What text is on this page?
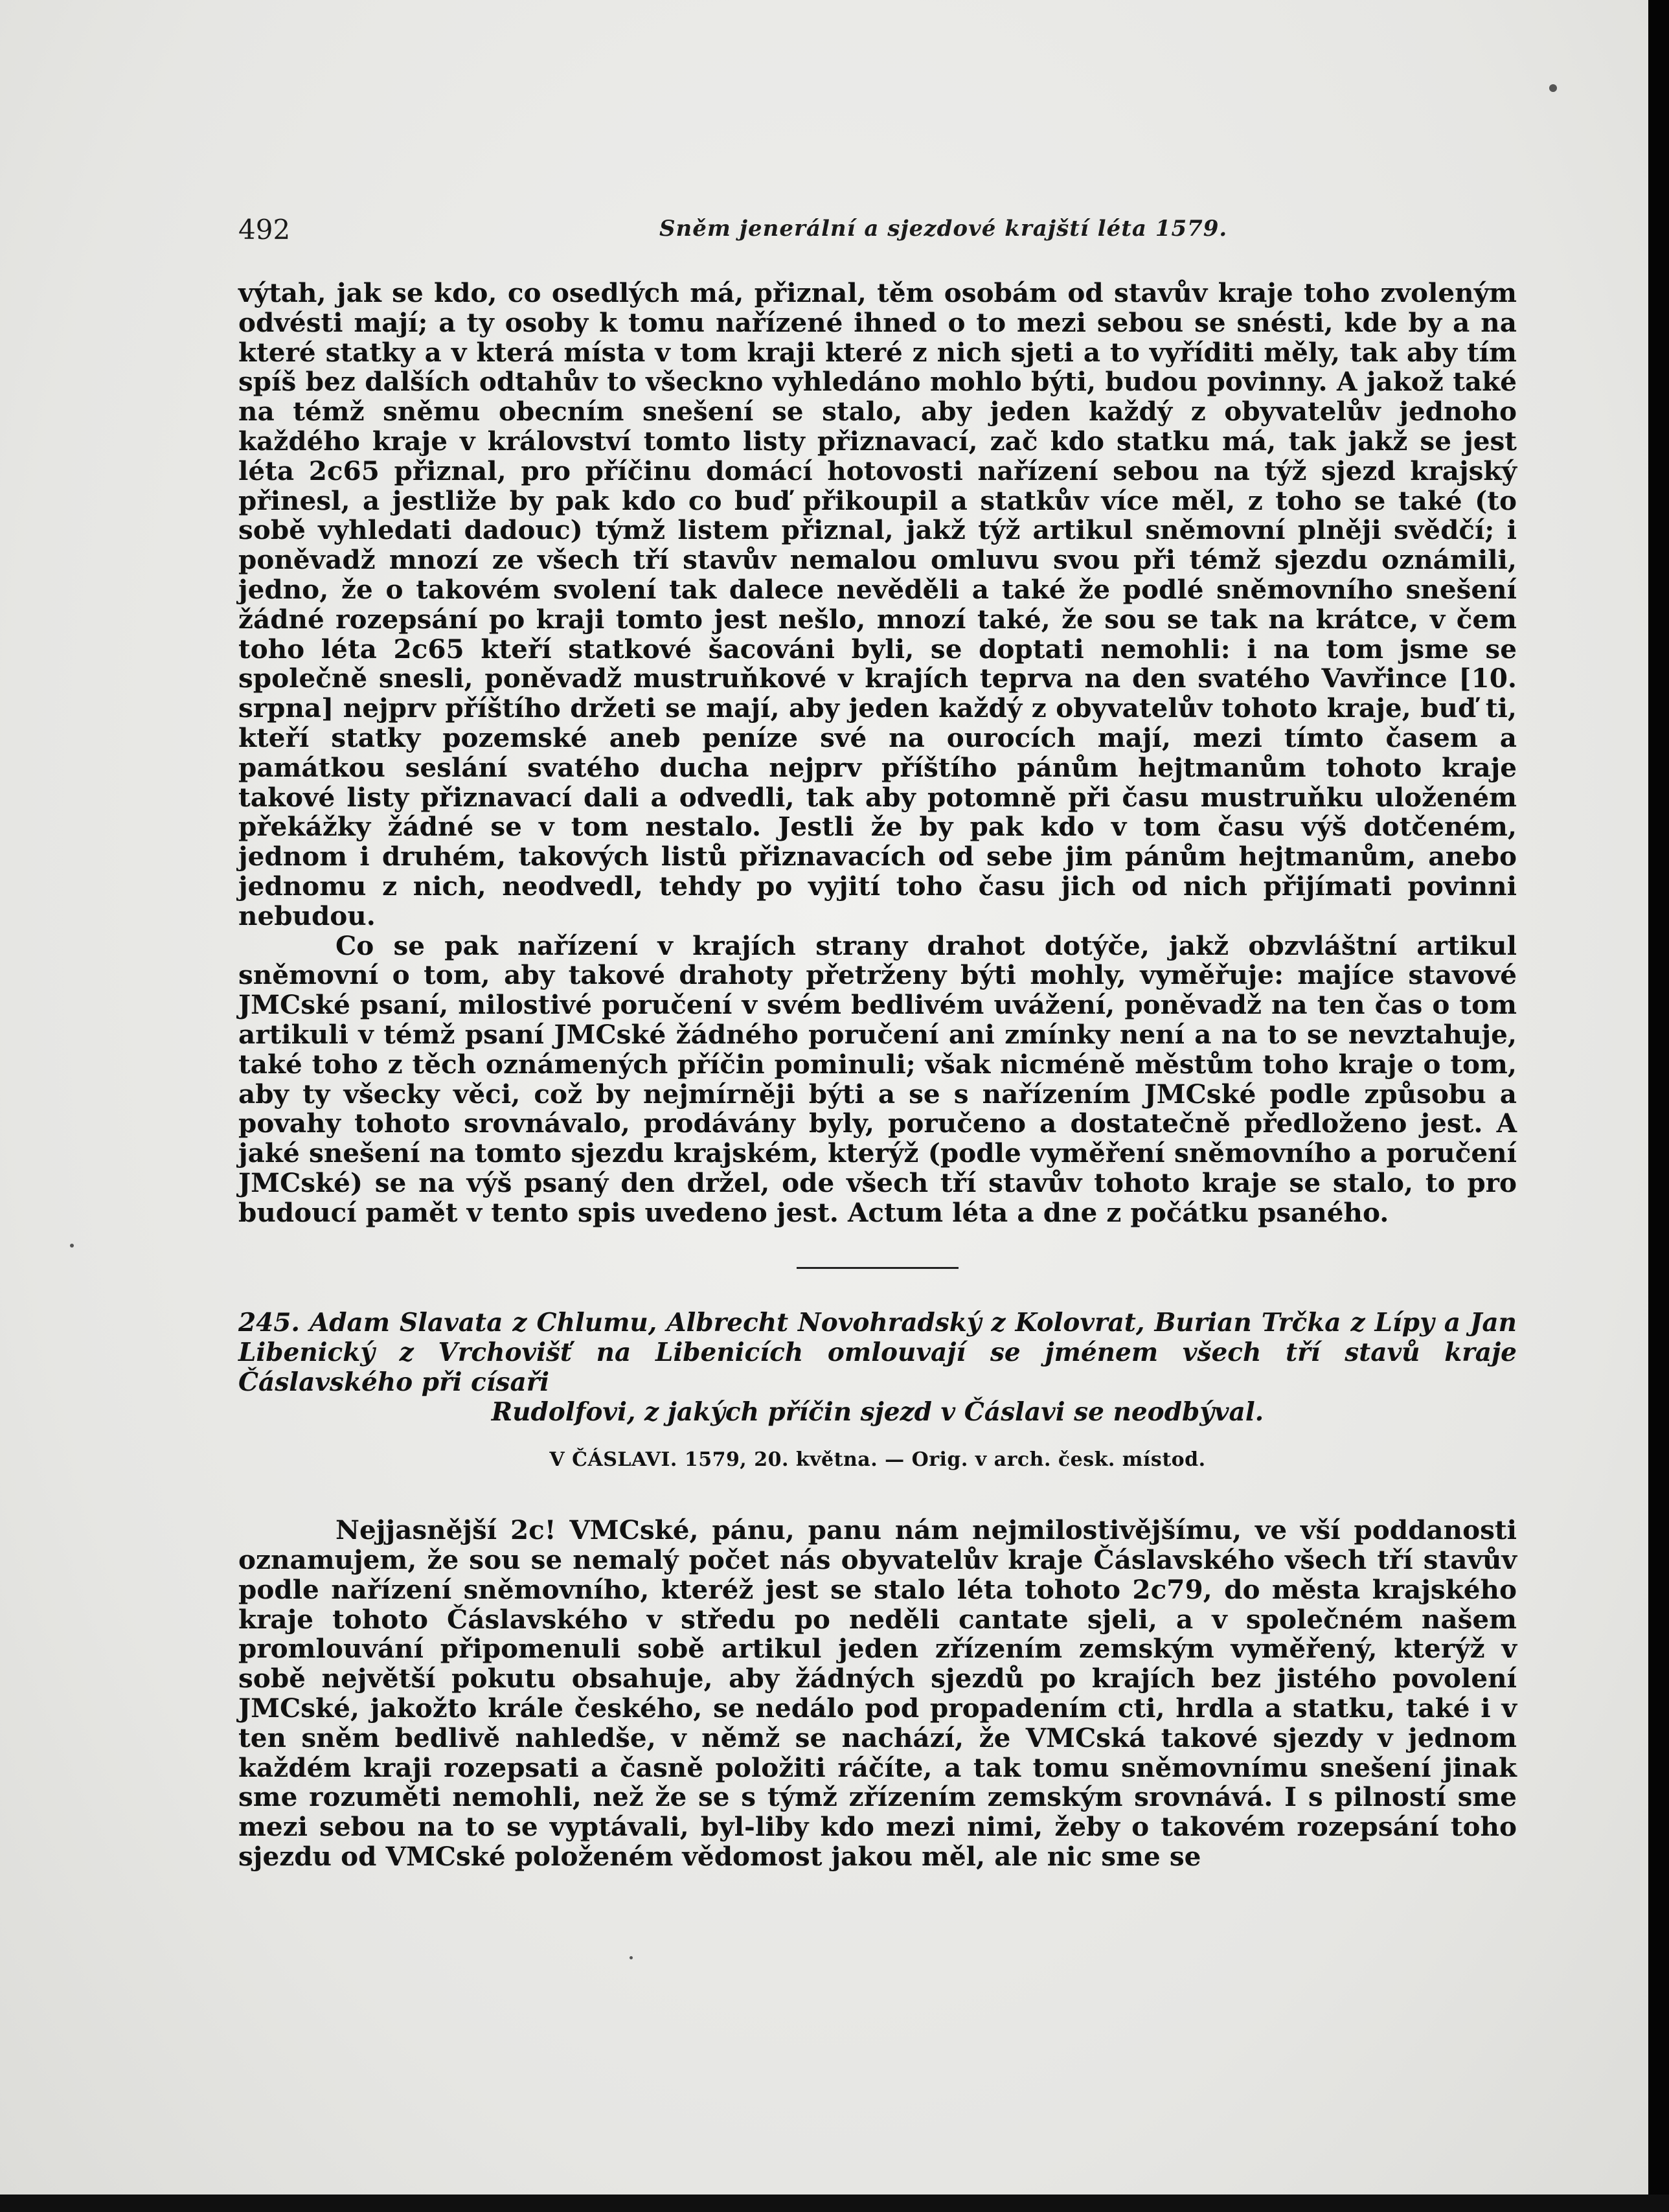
492	Sněm jenerální a sjezdové krajští léta 1579.

výtah, jak se kdo, co osedlých má, přiznal, těm osobám od stavův kraje toho zvoleným odvésti mají; a ty osoby k tomu nařízené ihned o to mezi sebou se snésti, kde by a na které statky a v která místa v tom kraji které z nich sjeti a to vyříditi měly, tak aby tím spíš bez dalších odtahův to všeckno vyhledáno mohlo býti, budou povinny. A jakož také na témž sněmu obecním snešení se stalo, aby jeden každý z obyvatelův jednoho každého kraje v království tomto listy přiznavací, zač kdo statku má, tak jakž se jest léta 2c65 přiznal, pro příčinu domácí hotovosti nařízení sebou na týž sjezd krajský přinesl, a jestliže by pak kdo co buď přikoupil a statkův více měl, z toho se také (to sobě vyhledati dadouc) týmž listem přiznal, jakž týž artikul sněmovní plněji svědčí; i poněvadž mnozí ze všech tří stavův nemalou omluvu svou při témž sjezdu oznámili, jedno, že o takovém svolení tak dalece nevěděli a také že podlé sněmovního snešení žádné rozepsání po kraji tomto jest nešlo, mnozí také, že sou se tak na krátce, v čem toho léta 2c65 kteří statkové šacováni byli, se doptati nemohli: i na tom jsme se společně snesli, poněvadž mustruňkové v krajích teprva na den svatého Vavřince [10. srpna] nejprv příštího držeti se mají, aby jeden každý z obyvatelův tohoto kraje, buď ti, kteří statky pozemské aneb peníze své na ourocích mají, mezi tímto časem a památkou seslání svatého ducha nejprv příštího pánům hejtmanům tohoto kraje takové listy přiznavací dali a odvedli, tak aby potomně při času mustruňku uloženém překážky žádné se v tom nestalo. Jestli že by pak kdo v tom času výš dotčeném, jednom i druhém, takových listů přiznavacích od sebe jim pánům hejtmanům, anebo jednomu z nich, neodvedl, tehdy po vyjití toho času jich od nich přijímati povinni nebudou.

Co se pak nařízení v krajích strany drahot dotýče, jakž obzvláštní artikul sněmovní o tom, aby takové drahoty přetrženy býti mohly, vyměřuje: majíce stavové JMCské psaní, milostivé poručení v svém bedlivém uvážení, poněvadž na ten čas o tom artikuli v témž psaní JMCské žádného poručení ani zmínky není a na to se nevztahuje, také toho z těch oznámených příčin pominuli; však nicméně městům toho kraje o tom, aby ty všecky věci, což by nejmírněji býti a se s nařízením JMCské podle způsobu a povahy tohoto srovnávalo, prodávány byly, poručeno a dostatečně předloženo jest. A jaké snešení na tomto sjezdu krajském, kterýž (podle vyměření sněmovního a poručení JMCské) se na výš psaný den držel, ode všech tří stavův tohoto kraje se stalo, to pro budoucí pamět v tento spis uvedeno jest. Actum léta a dne z počátku psaného.

245. Adam Slavata z Chlumu, Albrecht Novohradský z Kolovrat, Burian Trčka z Lípy a Jan Libenický z Vrchovišť na Libenicích omlouvají se jménem všech tří stavů kraje Čáslavského při císaři
Rudolfovi, z jakých příčin sjezd v Čáslavi se neodbýval.
V ČÁSLAVI. 1579, 20. května. — Orig. v arch. česk. místod.

Nejjasnější 2c! VMCské, pánu, panu nám nejmilostivějšímu, ve vší poddanosti oznamujem, že sou se nemalý počet nás obyvatelův kraje Čáslavského všech tří stavův podle nařízení sněmovního, kteréž jest se stalo léta tohoto 2c79, do města krajského kraje tohoto Čáslavského v středu po neděli cantate sjeli, a v společném našem promlouvání připomenuli sobě artikul jeden zřízením zemským vyměřený, kterýž v sobě největší pokutu obsahuje, aby žádných sjezdů po krajích bez jistého povolení JMCské, jakožto krále českého, se nedálo pod propadením cti, hrdla a statku, také i v ten sněm bedlivě nahledše, v němž se nachází, že VMCská takové sjezdy v jednom každém kraji rozepsati a časně položiti ráčíte, a tak tomu sněmovnímu snešení jinak sme rozuměti nemohli, než že se s týmž zřízením zemským srovnává. I s pilností sme mezi sebou na to se vyptávali, byl-liby kdo mezi nimi, žeby o takovém rozepsání toho sjezdu od VMCské položeném vědomost jakou měl, ale nic sme se
